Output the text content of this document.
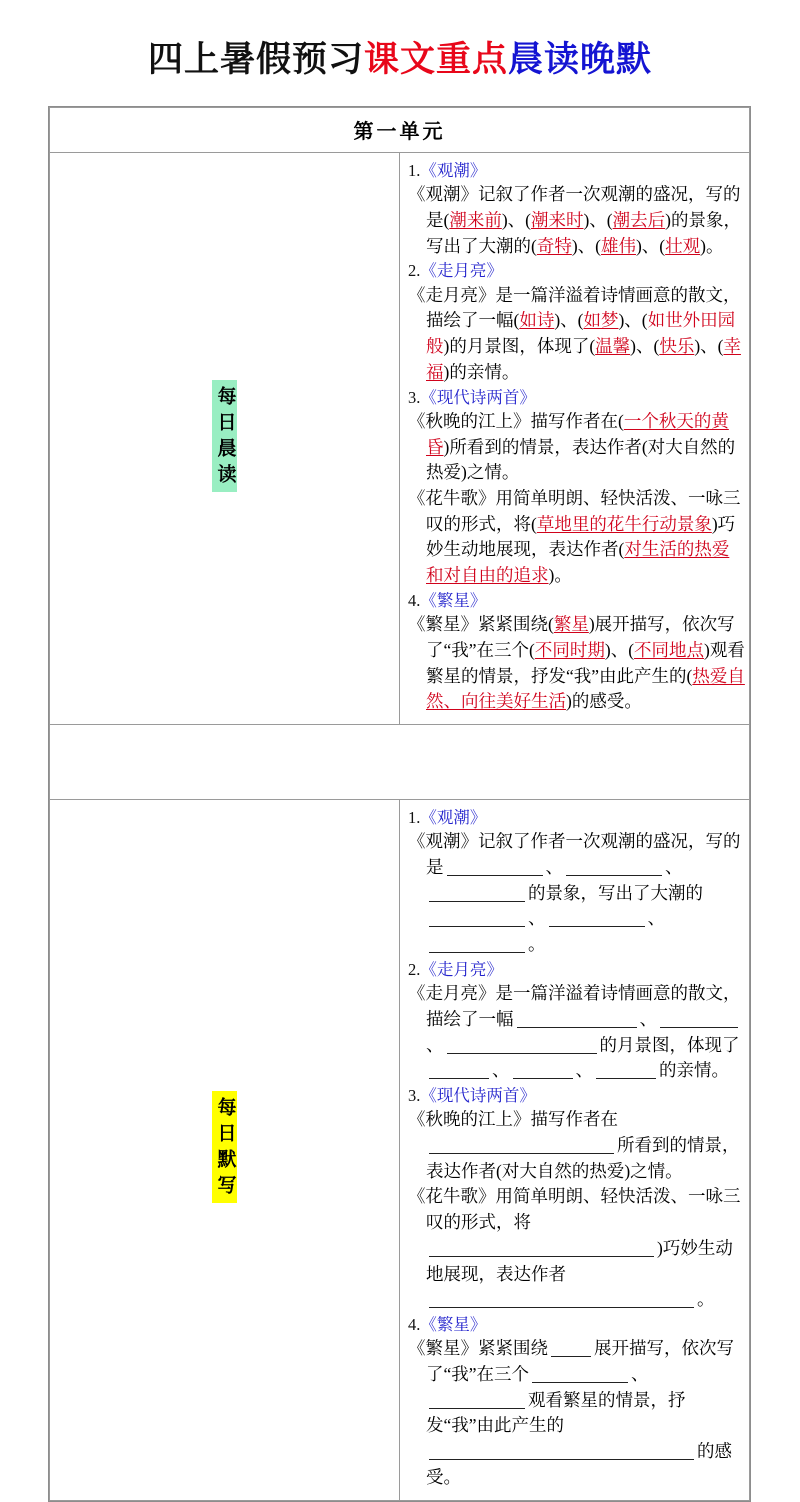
四上暑假预习课文重点晨读晚默
第一单元	
每日晨读	
1.《观潮》
《观潮》记叙了作者一次观潮的盛况，写的是(潮来前)、(潮来时)、(潮去后)的景象，写出了大潮的(奇特)、(雄伟)、(壮观)。
2.《走月亮》
《走月亮》是一篇洋溢着诗情画意的散文，描绘了一幅(如诗)、(如梦)、(如世外田园般)的月景图，体现了(温馨)、(快乐)、(幸福)的亲情。
3.《现代诗两首》
《秋晚的江上》描写作者在(一个秋天的黄昏)所看到的情景，表达作者(对大自然的热爱)之情。
《花牛歌》用简单明朗、轻快活泼、一咏三叹的形式，将(草地里的花牛行动景象)巧妙生动地展现，表达作者(对生活的热爱和对自由的追求)。
4.《繁星》
《繁星》紧紧围绕(繁星)展开描写，依次写了“我”在三个(不同时期)、(不同地点)观看繁星的情景，抒发“我”由此产生的(热爱自然、向往美好生活)的感受。

每日默写	
1.《观潮》
《观潮》记叙了作者一次观潮的盛况，写的是	、	、的景象，写出了大潮的、	、。
2.《走月亮》
《走月亮》是一篇洋溢着诗情画意的散文，描绘了一幅	、、	的月景图，体现了、	、	的亲情。
3.《现代诗两首》
《秋晚的江上》描写作者在所看到的情景，表达作者(对大自然的热爱)之情。
《花牛歌》用简单明朗、轻快活泼、一咏三叹的形式，将)巧妙生动地展现，表达作者。
4.《繁星》
《繁星》紧紧围绕	展开描写，依次写了“我”在三个	、观看繁星的情景，抒发“我”由此产生的的感受。
